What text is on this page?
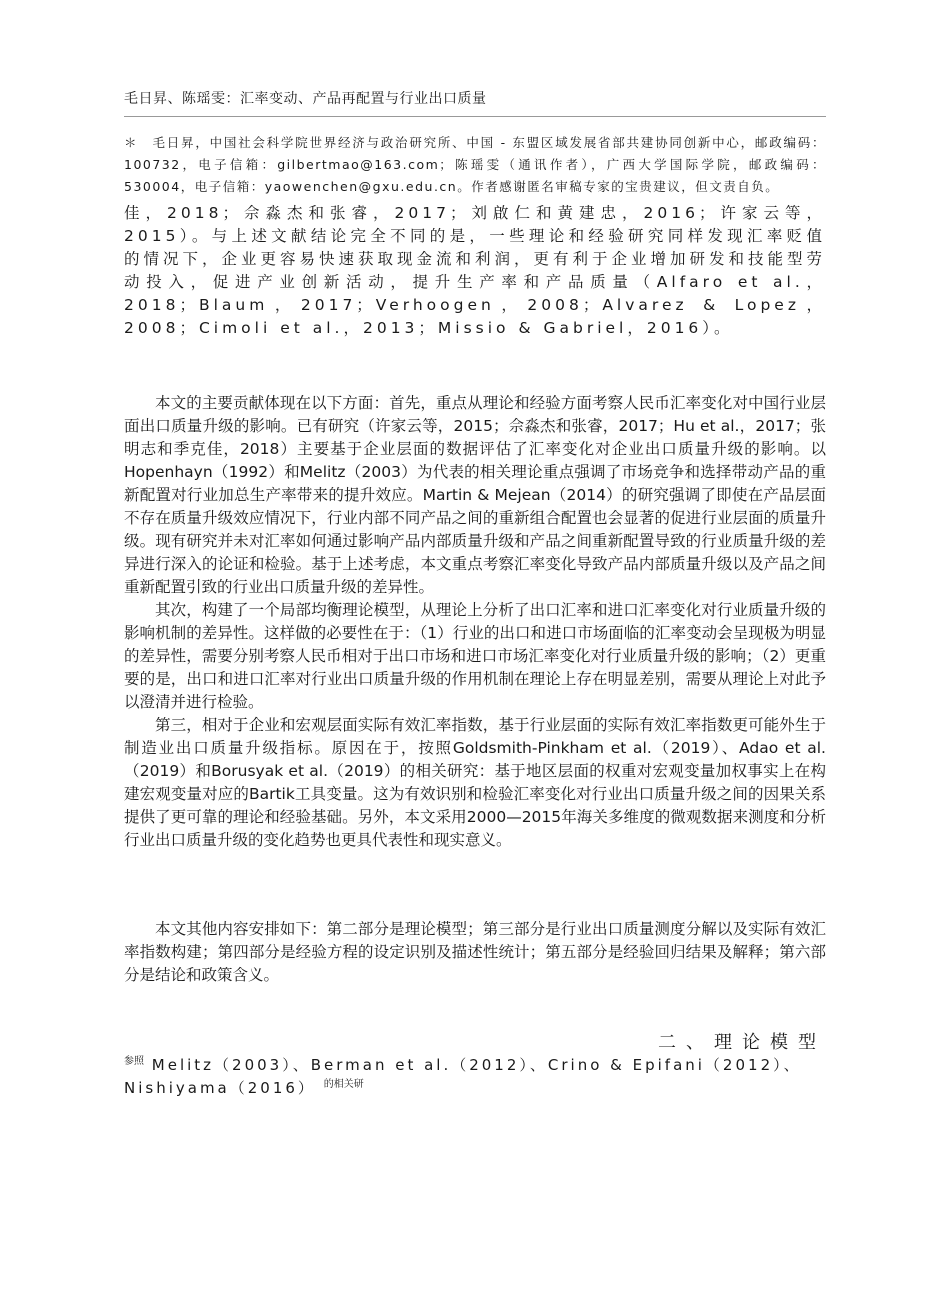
毛日昇、陈瑶雯：汇率变动、产品再配置与行业出口质量
＊　毛日昇，中国社会科学院世界经济与政治研究所、中国 - 东盟区域发展省部共建协同创新中心，邮政编码：100732，电子信箱：gilbertmao@163.com；陈瑶雯（通讯作者），广西大学国际学院，邮政编码：530004，电子信箱：yaowenchen@gxu.edu.cn。作者感谢匿名审稿专家的宝贵建议，但文责自负。

佳，2018；佘淼杰和张睿，2017；刘啟仁和黄建忠，2016；许家云等，2015）。与上述文献结论完全不同的是，一些理论和经验研究同样发现汇率贬值的情况下，企业更容易快速获取现金流和利润，更有利于企业增加研发和技能型劳动投入，促进产业创新活动，提升生产率和产品质量（Alfaro et al.，2018；Blaum，2017；Verhoogen，2008；Alvarez & Lopez，2008；Cimoli et al.，2013；Missio & Gabriel，2016）。

本文的主要贡献体现在以下方面：首先，重点从理论和经验方面考察人民币汇率变化对中国行业层面出口质量升级的影响。已有研究（许家云等，2015；佘淼杰和张睿，2017；Hu et al.，2017；张明志和季克佳，2018）主要基于企业层面的数据评估了汇率变化对企业出口质量升级的影响。以Hopenhayn（1992）和Melitz（2003）为代表的相关理论重点强调了市场竞争和选择带动产品的重新配置对行业加总生产率带来的提升效应。Martin & Mejean（2014）的研究强调了即使在产品层面不存在质量升级效应情况下，行业内部不同产品之间的重新组合配置也会显著的促进行业层面的质量升级。现有研究并未对汇率如何通过影响产品内部质量升级和产品之间重新配置导致的行业质量升级的差异进行深入的论证和检验。基于上述考虑，本文重点考察汇率变化导致产品内部质量升级以及产品之间重新配置引致的行业出口质量升级的差异性。

其次，构建了一个局部均衡理论模型，从理论上分析了出口汇率和进口汇率变化对行业质量升级的影响机制的差异性。这样做的必要性在于：（1）行业的出口和进口市场面临的汇率变动会呈现极为明显的差异性，需要分别考察人民币相对于出口市场和进口市场汇率变化对行业质量升级的影响；（2）更重要的是，出口和进口汇率对行业出口质量升级的作用机制在理论上存在明显差别，需要从理论上对此予以澄清并进行检验。

第三，相对于企业和宏观层面实际有效汇率指数，基于行业层面的实际有效汇率指数更可能外生于制造业出口质量升级指标。原因在于，按照Goldsmith-Pinkham et al.（2019）、Adao et al.（2019）和Borusyak et al.（2019）的相关研究：基于地区层面的权重对宏观变量加权事实上在构建宏观变量对应的Bartik工具变量。这为有效识别和检验汇率变化对行业出口质量升级之间的因果关系提供了更可靠的理论和经验基础。另外，本文采用2000—2015年海关多维度的微观数据来测度和分析行业出口质量升级的变化趋势也更具代表性和现实意义。

本文其他内容安排如下：第二部分是理论模型；第三部分是行业出口质量测度分解以及实际有效汇率指数构建；第四部分是经验方程的设定识别及描述性统计；第五部分是经验回归结果及解释；第六部分是结论和政策含义。

二、理论模型
$^{参照}$ Melitz（2003）、Berman et al.（2012）、Crino & Epifani（2012）、Nishiyama（2016） $^{的相关研}$
